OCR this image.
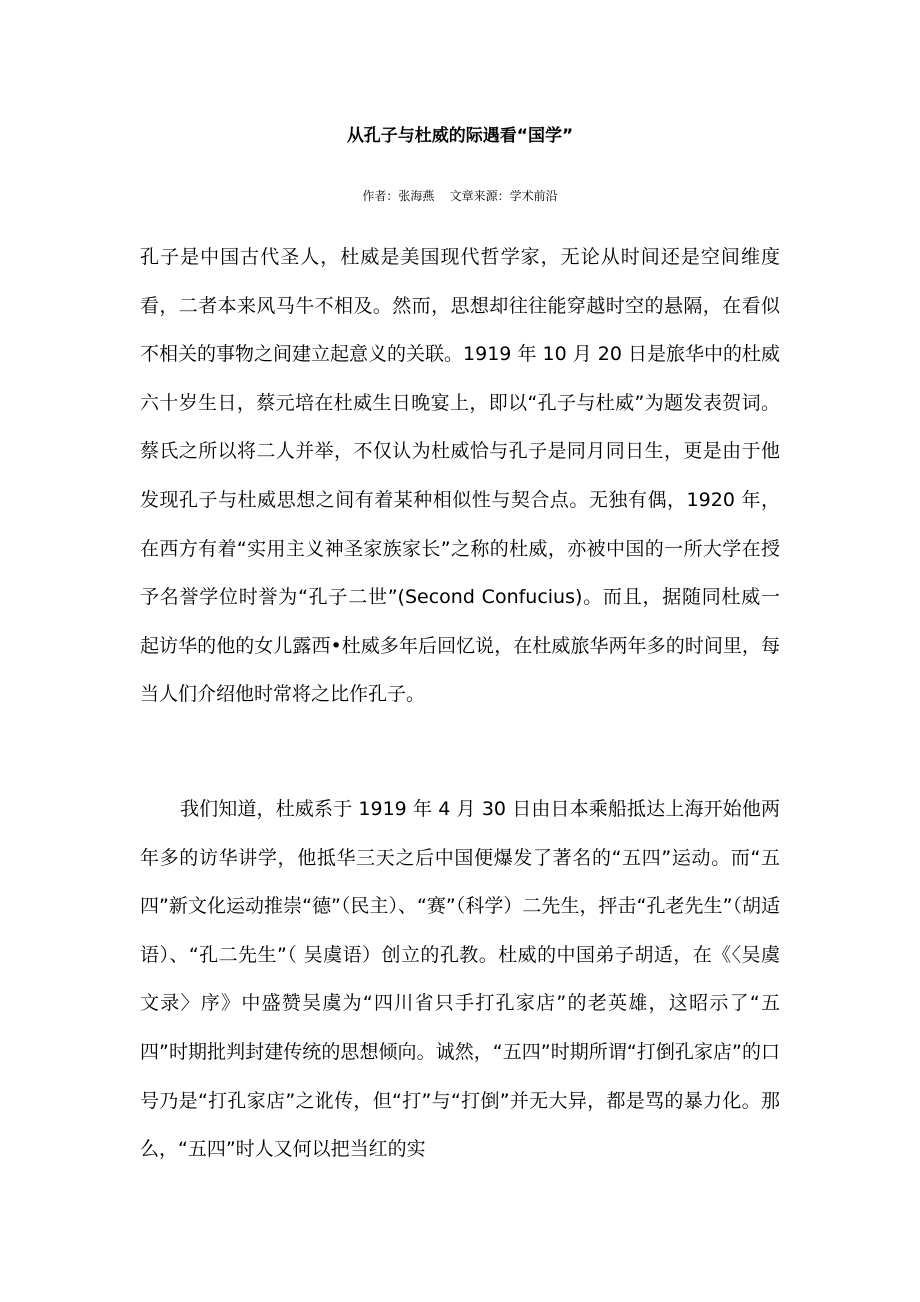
从孔子与杜威的际遇看“国学”
作者：张海燕 文章来源：学术前沿

孔子是中国古代圣人，杜威是美国现代哲学家，无论从时间还是空间维度看，二者本来风马牛不相及。然而，思想却往往能穿越时空的悬隔，在看似不相关的事物之间建立起意义的关联。1919 年 10 月 20 日是旅华中的杜威六十岁生日，蔡元培在杜威生日晚宴上，即以“孔子与杜威”为题发表贺词。蔡氏之所以将二人并举，不仅认为杜威恰与孔子是同月同日生，更是由于他发现孔子与杜威思想之间有着某种相似性与契合点。无独有偶，1920 年，在西方有着“实用主义神圣家族家长”之称的杜威，亦被中国的一所大学在授予名誉学位时誉为“孔子二世”(Second Confucius)。而且，据随同杜威一起访华的他的女儿露西•杜威多年后回忆说，在杜威旅华两年多的时间里，每当人们介绍他时常将之比作孔子。

我们知道，杜威系于 1919 年 4 月 30 日由日本乘船抵达上海开始他两年多的访华讲学，他抵华三天之后中国便爆发了著名的“五四”运动。而“五四”新文化运动推崇“德”（民主）、“赛”（科学）二先生，抨击“孔老先生”（胡适语）、“孔二先生”（ 吴虞语）创立的孔教。杜威的中国弟子胡适，在《〈吴虞文录〉序》中盛赞吴虞为“四川省只手打孔家店”的老英雄，这昭示了“五四”时期批判封建传统的思想倾向。诚然，“五四”时期所谓“打倒孔家店”的口号乃是“打孔家店”之讹传，但“打”与“打倒”并无大异，都是骂的暴力化。那么，“五四”时人又何以把当红的实
